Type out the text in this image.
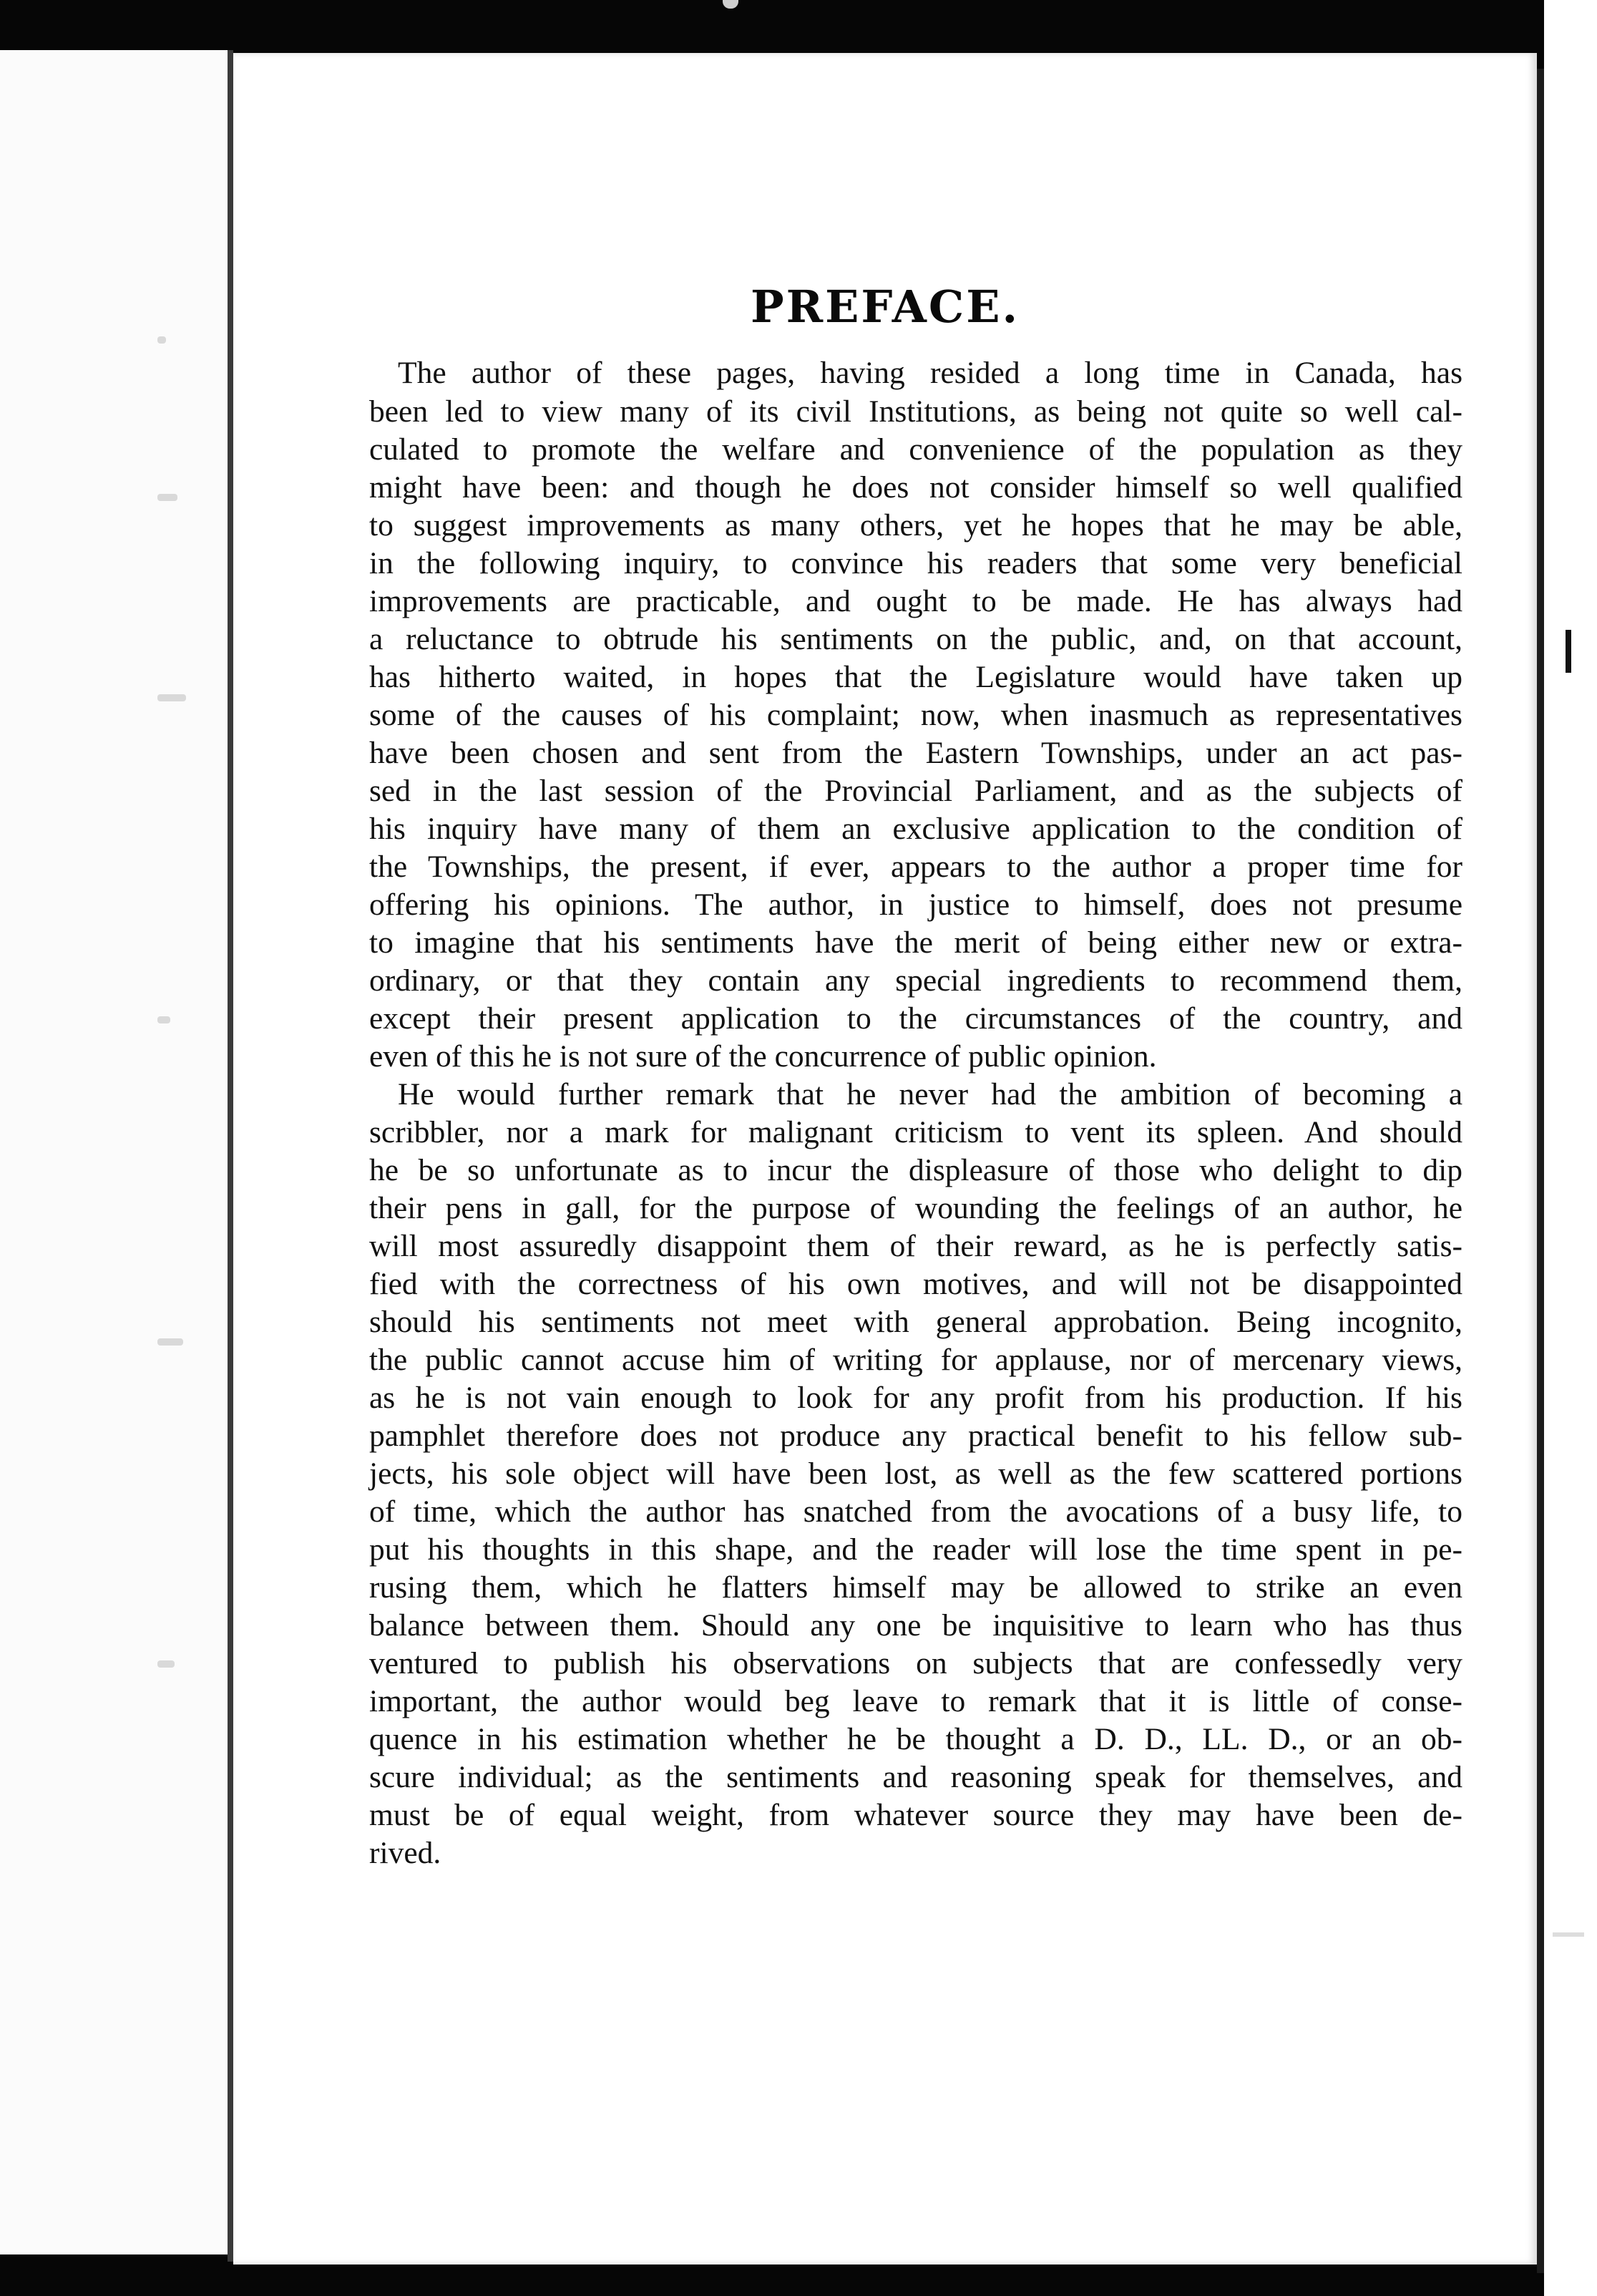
PREFACE.
The author of these pages, having resided a long time in Canada, has
been led to view many of its civil Institutions, as being not quite so well cal-
culated to promote the welfare and convenience of the population as they
might have been: and though he does not consider himself so well qualified
to suggest improvements as many others, yet he hopes that he may be able,
in the following inquiry, to convince his readers that some very beneficial
improvements are practicable, and ought to be made. He has always had
a reluctance to obtrude his sentiments on the public, and, on that account,
has hitherto waited, in hopes that the Legislature would have taken up
some of the causes of his complaint; now, when inasmuch as representatives
have been chosen and sent from the Eastern Townships, under an act pas-
sed in the last session of the Provincial Parliament, and as the subjects of
his inquiry have many of them an exclusive application to the condition of
the Townships, the present, if ever, appears to the author a proper time for
offering his opinions. The author, in justice to himself, does not presume
to imagine that his sentiments have the merit of being either new or extra-
ordinary, or that they contain any special ingredients to recommend them,
except their present application to the circumstances of the country, and
even of this he is not sure of the concurrence of public opinion.
He would further remark that he never had the ambition of becoming a
scribbler, nor a mark for malignant criticism to vent its spleen. And should
he be so unfortunate as to incur the displeasure of those who delight to dip
their pens in gall, for the purpose of wounding the feelings of an author, he
will most assuredly disappoint them of their reward, as he is perfectly satis-
fied with the correctness of his own motives, and will not be disappointed
should his sentiments not meet with general approbation. Being incognito,
the public cannot accuse him of writing for applause, nor of mercenary views,
as he is not vain enough to look for any profit from his production. If his
pamphlet therefore does not produce any practical benefit to his fellow sub-
jects, his sole object will have been lost, as well as the few scattered portions
of time, which the author has snatched from the avocations of a busy life, to
put his thoughts in this shape, and the reader will lose the time spent in pe-
rusing them, which he flatters himself may be allowed to strike an even
balance between them. Should any one be inquisitive to learn who has thus
ventured to publish his observations on subjects that are confessedly very
important, the author would beg leave to remark that it is little of conse-
quence in his estimation whether he be thought a D. D., LL. D., or an ob-
scure individual; as the sentiments and reasoning speak for themselves, and
must be of equal weight, from whatever source they may have been de-
rived.
